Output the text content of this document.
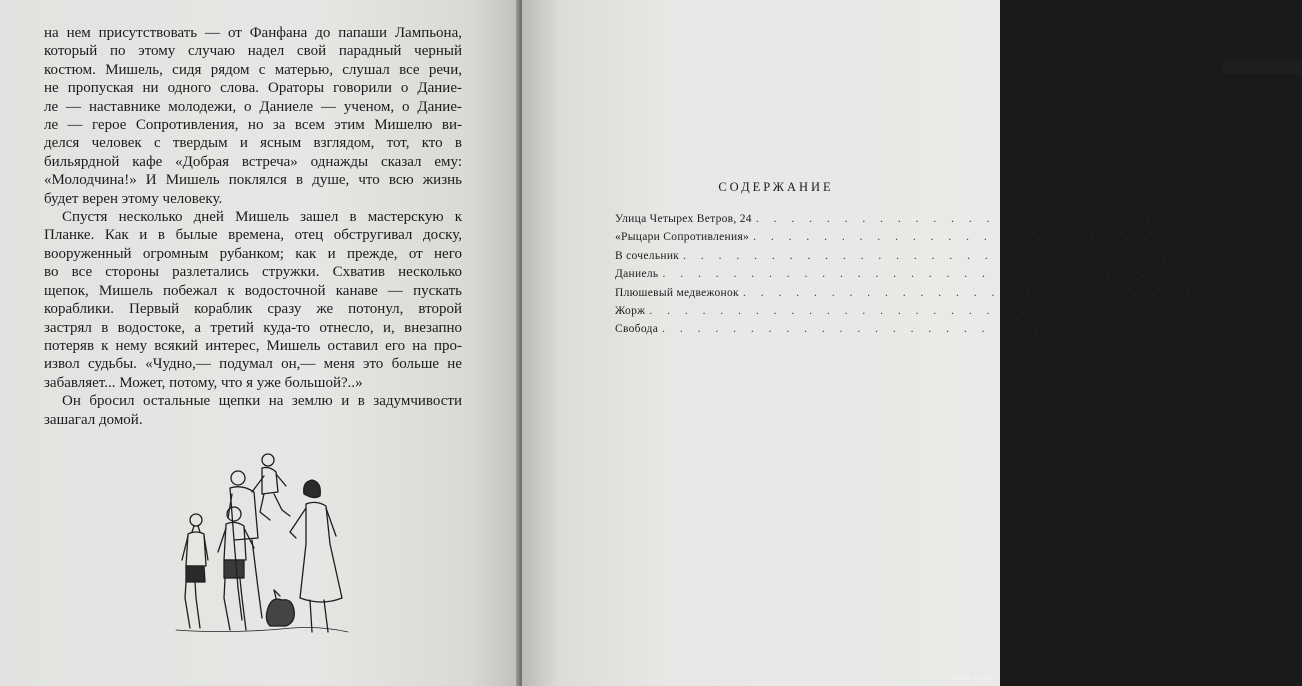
на нем присутствовать — от Фанфана до папаши Лампьона,
который по этому случаю надел свой парадный черный
костюм. Мишель, сидя рядом с матерью, слушал все речи,
не пропуская ни одного слова. Ораторы говорили о Даниe-
ле — наставнике молодежи, о Даниеле — ученом, о Даниe-
ле — герое Сопротивления, но за всем этим Мишелю ви-
делся человек с твердым и ясным взглядом, тот, кто в
бильярдной кафе «Добрая встреча» однажды сказал ему:
«Молодчина!» И Мишель поклялся в душе, что всю жизнь
будет верен этому человеку.

Спустя несколько дней Мишель зашел в мастерскую к
Планке. Как и в былые времена, отец обстругивал доску,
вооруженный огромным рубанком; как и прежде, от него
во все стороны разлетались стружки. Схватив несколько
щепок, Мишель побежал к водосточной канаве — пускать
кораблики. Первый кораблик сразу же потонул, второй
застрял в водостоке, а третий куда-то отнесло, и, внезапно
потеряв к нему всякий интерес, Мишель оставил его на про-
извол судьбы. «Чудно,— подумал он,— меня это больше не
забавляет... Может, потому, что я уже большой?..»

Он бросил остальные щепки на землю и в задумчивости
зашагал домой.

СОДЕРЖАНИЕ
Улица Четырех Ветров, 24 . . . . . . . . . . . . . . . . . . . . . . . . . . . .	3
«Рыцари Сопротивления» . . . . . . . . . . . . . . . . . . . . . . . . . . . .	27
В сочельник . . . . . . . . . . . . . . . . . . . . . . . . . . . .	51
Даниель . . . . . . . . . . . . . . . . . . . . . . . . . . . .	75
Плюшевый медвежонок . . . . . . . . . . . . . . . . . . . . . . . . . . . .	94
Жорж . . . . . . . . . . . . . . . . . . . . . . . . . . . . 112
Свобода . . . . . . . . . . . . . . . . . . . . . . . . . . . . 129
www.ay.by
